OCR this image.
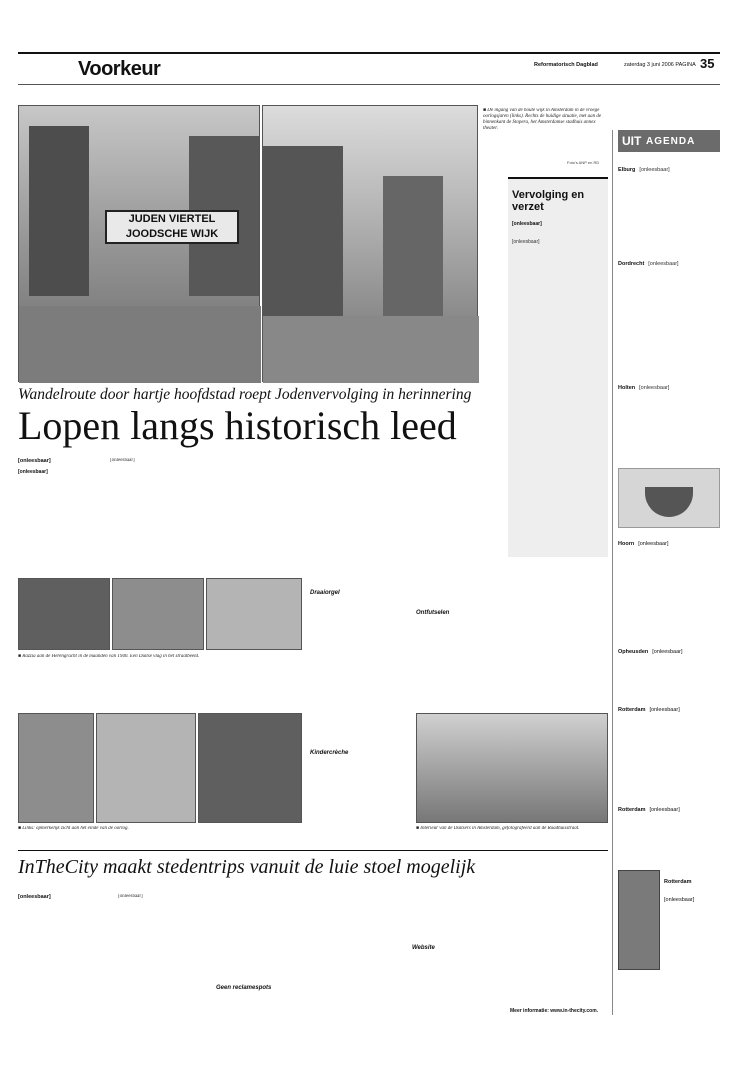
Voorkeur	Reformatorisch Dagblad	zaterdag 3 juni 2006 PAGINA 35
JUDEN VIERTEL
JOODSCHE WIJK
■ De ingang van de houte wijk in Amsterdam in de vroege oorlogsjaren (links). Rechts de huidige situatie, met aan de binnenkant de Stopera, het Amsterdamse stadhuis annex theater.
Foto's ANP en RD
Vervolging en verzet
[onleesbaar]
[onleesbaar]
UIT AGENDA
Elburg [onleesbaar]
Dordrecht [onleesbaar]
Holten [onleesbaar]
Hoorn [onleesbaar]
Opheusden [onleesbaar]
Rotterdam [onleesbaar]
Rotterdam [onleesbaar]
Rotterdam [onleesbaar]
Wandelroute door hartje hoofdstad roept Jodenvervolging in herinnering
Lopen langs historisch leed
[onleesbaar]
[onleesbaar]
[onleesbaar]
Draaiorgel
Kindercrèche
Ontfutselen
■ Razzia aan de Herengracht in de maanden van 1940. Een Duitse vlag in het straatbeeld.
■ Links: opmerkelijk zicht aan het einde van de oorlog.	■ Interieur van de Duitsers in Amsterdam, gefotografeerd aan de Raadhuisstraat.
InTheCity maakt stedentrips vanuit de luie stoel mogelijk
[onleesbaar]	[onleesbaar]
Geen reclamespots
Website
Meer informatie: www.in-thecity.com.
